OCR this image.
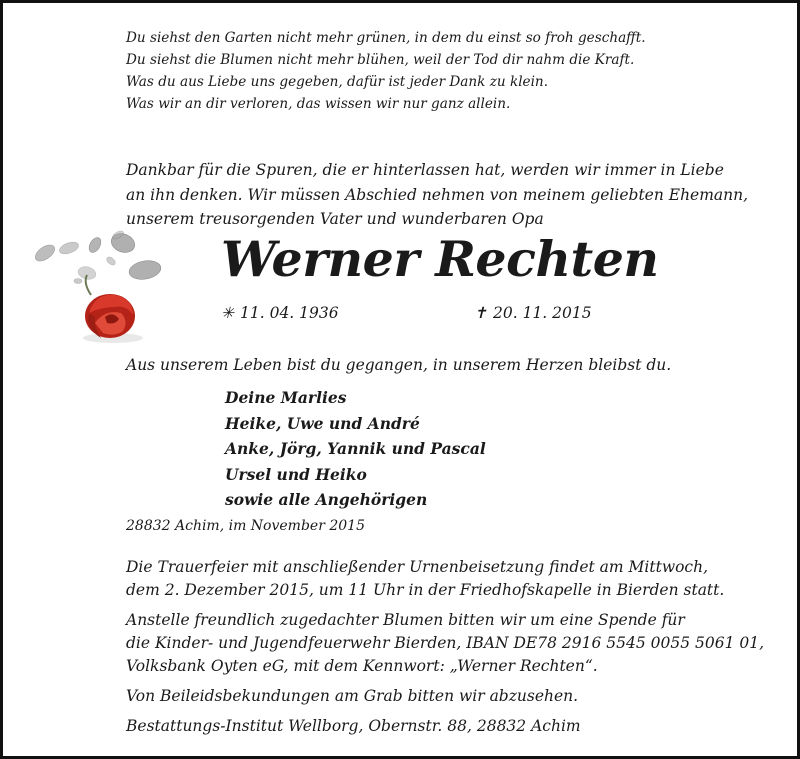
Du siehst den Garten nicht mehr grünen, in dem du einst so froh geschafft.
Du siehst die Blumen nicht mehr blühen, weil der Tod dir nahm die Kraft.
Was du aus Liebe uns gegeben, dafür ist jeder Dank zu klein.
Was wir an dir verloren, das wissen wir nur ganz allein.
Dankbar für die Spuren, die er hinterlassen hat, werden wir immer in Liebe
an ihn denken. Wir müssen Abschied nehmen von meinem geliebten Ehemann,
unserem treusorgenden Vater und wunderbaren Opa
Werner Rechten
✳ 11. 04. 1936	✝ 20. 11. 2015
Aus unserem Leben bist du gegangen, in unserem Herzen bleibst du.
Deine Marlies
Heike, Uwe und André
Anke, Jörg, Yannik und Pascal
Ursel und Heiko
sowie alle Angehörigen
28832 Achim, im November 2015
Die Trauerfeier mit anschließender Urnenbeisetzung findet am Mittwoch,
dem 2. Dezember 2015, um 11 Uhr in der Friedhofskapelle in Bierden statt.
Anstelle freundlich zugedachter Blumen bitten wir um eine Spende für
die Kinder- und Jugendfeuerwehr Bierden, IBAN DE78 2916 5545 0055 5061 01,
Volksbank Oyten eG, mit dem Kennwort: „Werner Rechten“.
Von Beileidsbekundungen am Grab bitten wir abzusehen.
Bestattungs-Institut Wellborg, Obernstr. 88, 28832 Achim
